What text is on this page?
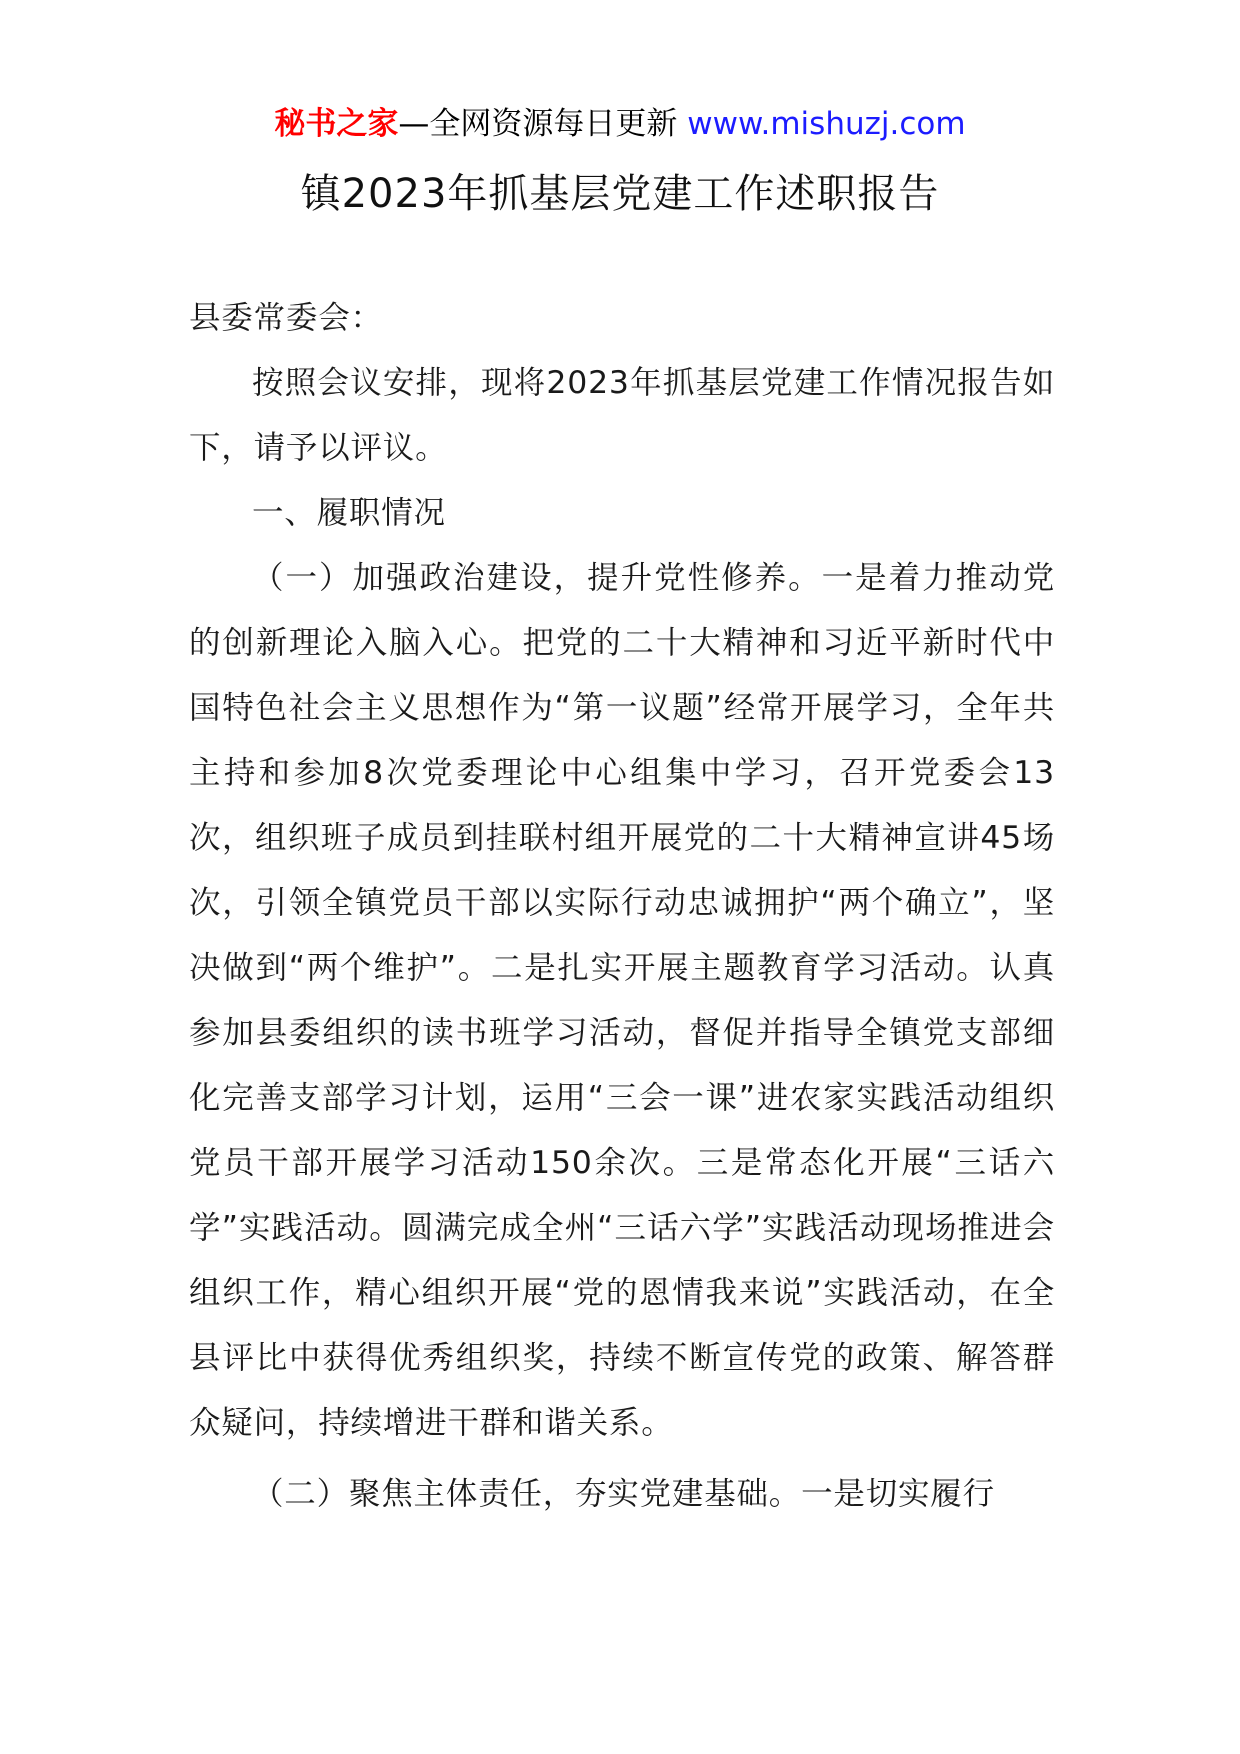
秘书之家—全网资源每日更新 www.mishuzj.com
镇2023年抓基层党建工作述职报告

县委常委会：

按照会议安排，现将2023年抓基层党建工作情况报告如下，请予以评议。

一、履职情况

（一）加强政治建设，提升党性修养。一是着力推动党的创新理论入脑入心。把党的二十大精神和习近平新时代中国特色社会主义思想作为“第一议题”经常开展学习，全年共主持和参加8次党委理论中心组集中学习，召开党委会13次，组织班子成员到挂联村组开展党的二十大精神宣讲45场次，引领全镇党员干部以实际行动忠诚拥护“两个确立”，坚决做到“两个维护”。二是扎实开展主题教育学习活动。认真参加县委组织的读书班学习活动，督促并指导全镇党支部细化完善支部学习计划，运用“三会一课”进农家实践活动组织党员干部开展学习活动150余次。三是常态化开展“三话六学”实践活动。圆满完成全州“三话六学”实践活动现场推进会组织工作，精心组织开展“党的恩情我来说”实践活动，在全县评比中获得优秀组织奖，持续不断宣传党的政策、解答群众疑问，持续增进干群和谐关系。

（二）聚焦主体责任，夯实党建基础。一是切实履行
